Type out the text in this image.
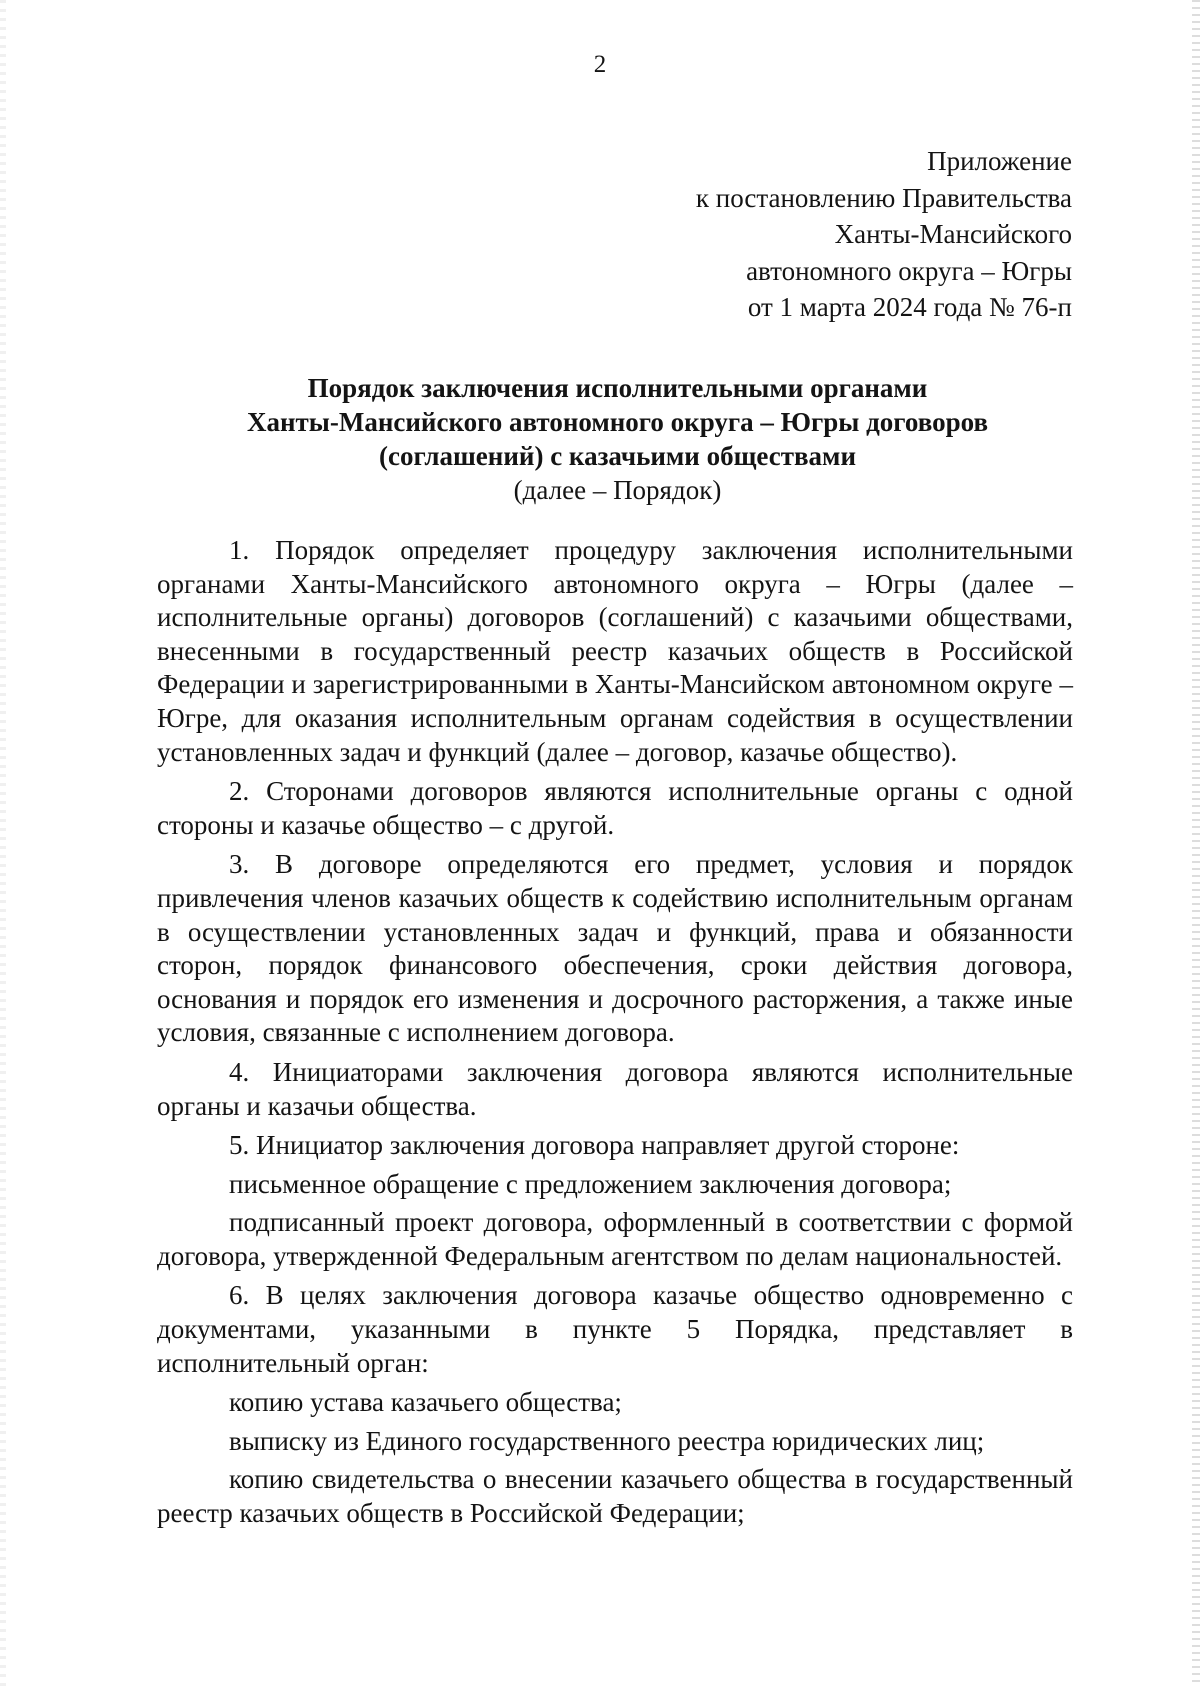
2
Приложение
к постановлению Правительства
Ханты-Мансийского
автономного округа – Югры
от 1 марта 2024 года № 76-п
Порядок заключения исполнительными органами
Ханты-Мансийского автономного округа – Югры договоров
(соглашений) с казачьими обществами
(далее – Порядок)

1. Порядок определяет процедуру заключения исполнительными органами Ханты-Мансийского автономного округа – Югры (далее – исполнительные органы) договоров (соглашений) с казачьими обществами, внесенными в государственный реестр казачьих обществ в Российской Федерации и зарегистрированными в Ханты-Мансийском автономном округе – Югре, для оказания исполнительным органам содействия в осуществлении установленных задач и функций (далее – договор, казачье общество).

2. Сторонами договоров являются исполнительные органы с одной стороны и казачье общество – с другой.

3. В договоре определяются его предмет, условия и порядок привлечения членов казачьих обществ к содействию исполнительным органам в осуществлении установленных задач и функций, права и обязанности сторон, порядок финансового обеспечения, сроки действия договора, основания и порядок его изменения и досрочного расторжения, а также иные условия, связанные с исполнением договора.

4. Инициаторами заключения договора являются исполнительные органы и казачьи общества.

5. Инициатор заключения договора направляет другой стороне:

письменное обращение с предложением заключения договора;

подписанный проект договора, оформленный в соответствии с формой договора, утвержденной Федеральным агентством по делам национальностей.

6. В целях заключения договора казачье общество одновременно с документами, указанными в пункте 5 Порядка, представляет в исполнительный орган:

копию устава казачьего общества;

выписку из Единого государственного реестра юридических лиц;

копию свидетельства о внесении казачьего общества в государственный реестр казачьих обществ в Российской Федерации;
